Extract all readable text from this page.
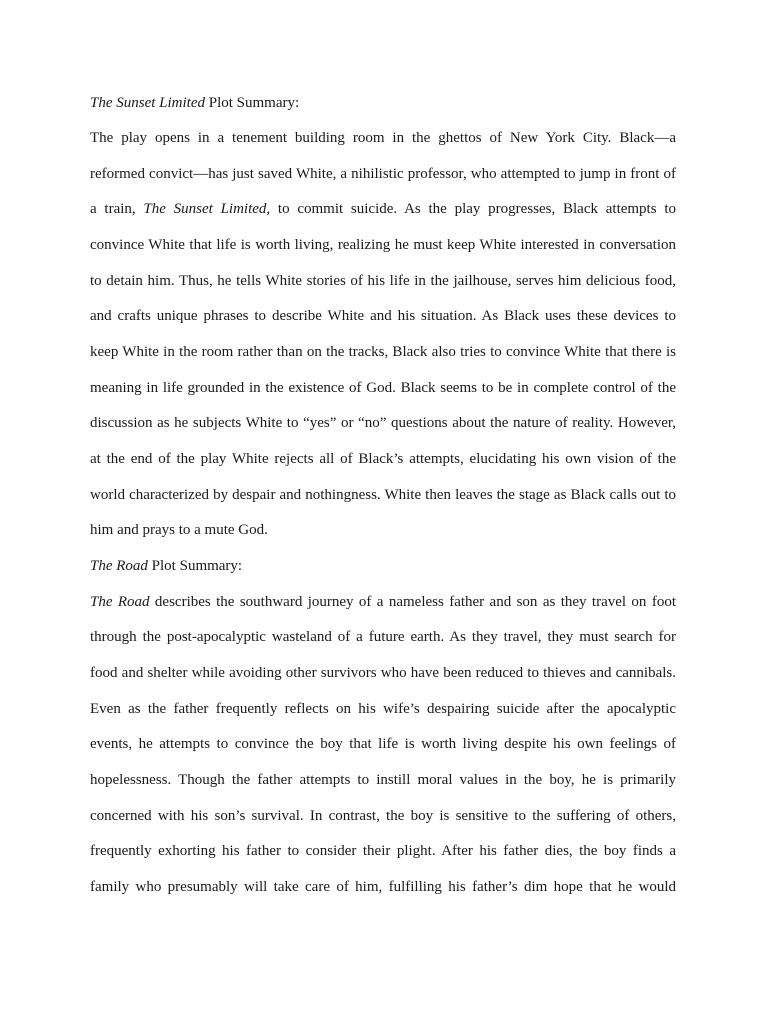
The Sunset Limited Plot Summary:
The play opens in a tenement building room in the ghettos of New York City. Black—a
reformed convict—has just saved White, a nihilistic professor, who attempted to jump in front of
a train, The Sunset Limited, to commit suicide. As the play progresses, Black attempts to
convince White that life is worth living, realizing he must keep White interested in conversation
to detain him. Thus, he tells White stories of his life in the jailhouse, serves him delicious food,
and crafts unique phrases to describe White and his situation. As Black uses these devices to
keep White in the room rather than on the tracks, Black also tries to convince White that there is
meaning in life grounded in the existence of God. Black seems to be in complete control of the
discussion as he subjects White to “yes” or “no” questions about the nature of reality. However,
at the end of the play White rejects all of Black’s attempts, elucidating his own vision of the
world characterized by despair and nothingness. White then leaves the stage as Black calls out to
him and prays to a mute God.
The Road Plot Summary:
The Road describes the southward journey of a nameless father and son as they travel on foot
through the post-apocalyptic wasteland of a future earth. As they travel, they must search for
food and shelter while avoiding other survivors who have been reduced to thieves and cannibals.
Even as the father frequently reflects on his wife’s despairing suicide after the apocalyptic
events, he attempts to convince the boy that life is worth living despite his own feelings of
hopelessness. Though the father attempts to instill moral values in the boy, he is primarily
concerned with his son’s survival. In contrast, the boy is sensitive to the suffering of others,
frequently exhorting his father to consider their plight. After his father dies, the boy finds a
family who presumably will take care of him, fulfilling his father’s dim hope that he would
